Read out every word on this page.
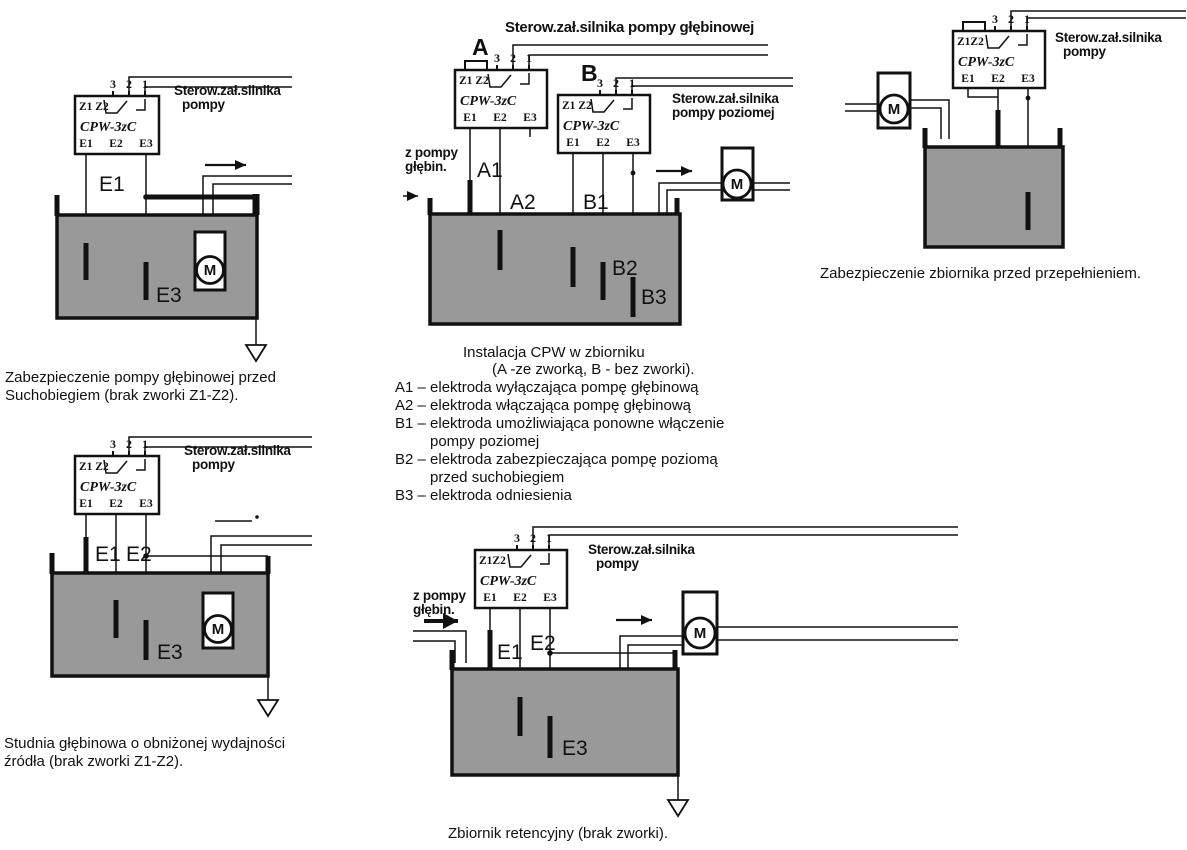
3 2 1
Z1 Z2
CPW-3zC
E1 E2 E3
Sterow.zał.silnika
pompy
E1
E3
M
Zabezpieczenie pompy głębinowej przed
Suchobiegiem (brak zworki Z1-Z2).
3 2 1
Z1 Z2
CPW-3zC
E1 E2 E3
Sterow.zał.silnika
pompy
E1 E2
E3
M
Studnia głębinowa o obniżonej wydajności
źródła (brak zworki Z1-Z2).
Sterow.zał.silnika pompy głębinowej
A
B
3 2 1
Z1 Z2
CPW-3zC
E1 E2 E3
3 2 1
Z1 Z2
CPW-3zC
E1 E2 E3
Sterow.zał.silnika
pompy poziomej
z pompy
głębin. A1
A2 B1
B2
B3
M
Instalacja CPW w zbiorniku
(A -ze zworką, B - bez zworki).
A1 – elektroda wyłączająca pompę głębinową
A2 – elektroda włączająca pompę głębinową
B1 – elektroda umożliwiająca ponowne włączenie
pompy poziomej
B2 – elektroda zabezpieczająca pompę poziomą
przed suchobiegiem
B3 – elektroda odniesienia
3 2 1
Z1Z2
CPW-3zC
E1 E2 E3
Sterow.zał.silnika
pompy
M
Zabezpieczenie zbiornika przed przepełnieniem.
3 2 1
Z1Z2
CPW-3zC
E1 E2 E3
Sterow.zał.silnika
pompy
z pompy
głębin.
E1 E2
E3
M
Zbiornik retencyjny (brak zworki).
